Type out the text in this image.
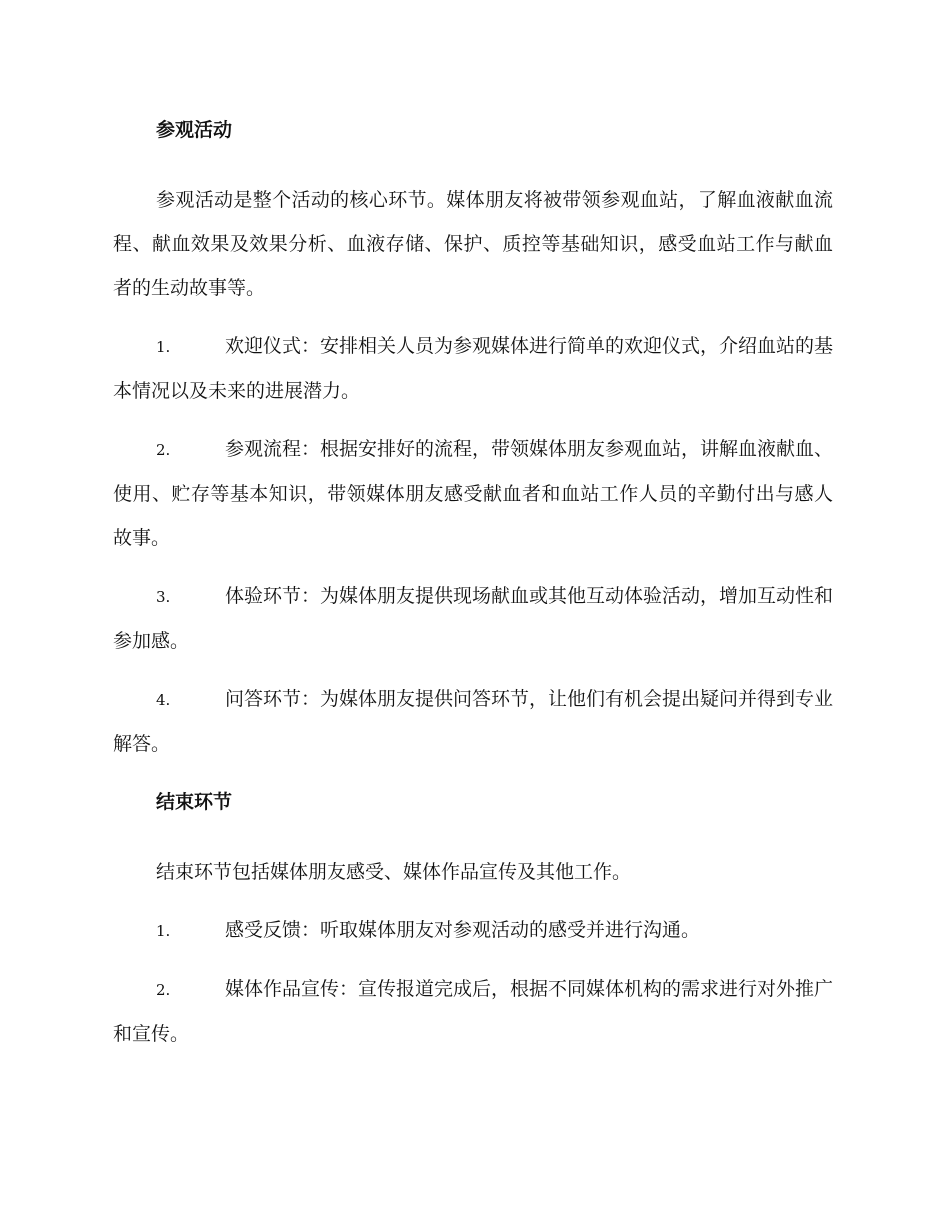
参观活动

参观活动是整个活动的核心环节。媒体朋友将被带领参观血站，了解血液献血流程、献血效果及效果分析、血液存储、保护、质控等基础知识，感受血站工作与献血者的生动故事等。

1.	欢迎仪式：安排相关人员为参观媒体进行简单的欢迎仪式，介绍血站的基本情况以及未来的进展潜力。

2.	参观流程：根据安排好的流程，带领媒体朋友参观血站，讲解血液献血、使用、贮存等基本知识，带领媒体朋友感受献血者和血站工作人员的辛勤付出与感人故事。

3.	体验环节：为媒体朋友提供现场献血或其他互动体验活动，增加互动性和参加感。

4.	问答环节：为媒体朋友提供问答环节，让他们有机会提出疑问并得到专业解答。

结束环节

结束环节包括媒体朋友感受、媒体作品宣传及其他工作。

1.	感受反馈：听取媒体朋友对参观活动的感受并进行沟通。

2.	媒体作品宣传：宣传报道完成后，根据不同媒体机构的需求进行对外推广和宣传。
